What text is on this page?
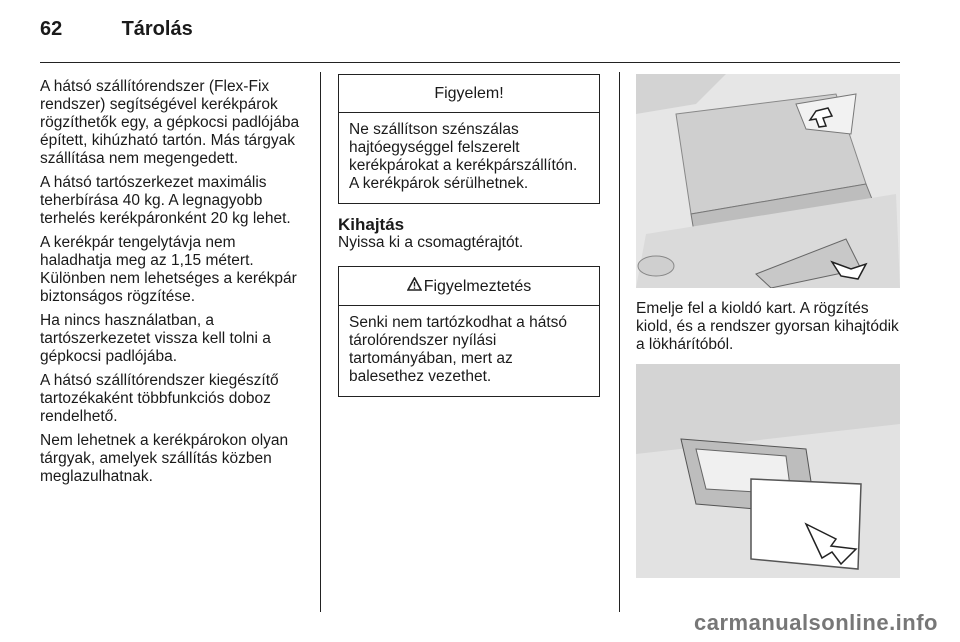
62	Tárolás

A hátsó szállítórendszer (Flex-Fix rendszer) segítségével kerékpárok rögzíthetők egy, a gépkocsi padlójába épített, kihúzható tartón. Más tárgyak szállítása nem megengedett.

A hátsó tartószerkezet maximális teherbírása 40 kg. A legnagyobb terhelés kerékpáronként 20 kg lehet.

A kerékpár tengelytávja nem haladhatja meg az 1,15 métert. Különben nem lehetséges a kerékpár biztonságos rögzítése.

Ha nincs használatban, a tartószerkezetet vissza kell tolni a gépkocsi padlójába.

A hátsó szállítórendszer kiegészítő tartozékaként többfunkciós doboz rendelhető.

Nem lehetnek a kerékpárokon olyan tárgyak, amelyek szállítás közben meglazulhatnak.

Figyelem!
Ne szállítson szénszálas hajtóegységgel felszerelt kerékpárokat a kerékpárszállítón. A kerékpárok sérülhetnek.
Kihajtás

Nyissa ki a csomagtérajtót.

Figyelmeztetés
Senki nem tartózkodhat a hátsó tárolórendszer nyílási tartományában, mert az balesethez vezethet.

Emelje fel a kioldó kart. A rögzítés kiold, és a rendszer gyorsan kihajtódik a lökhárítóból.

carmanualsonline.info
